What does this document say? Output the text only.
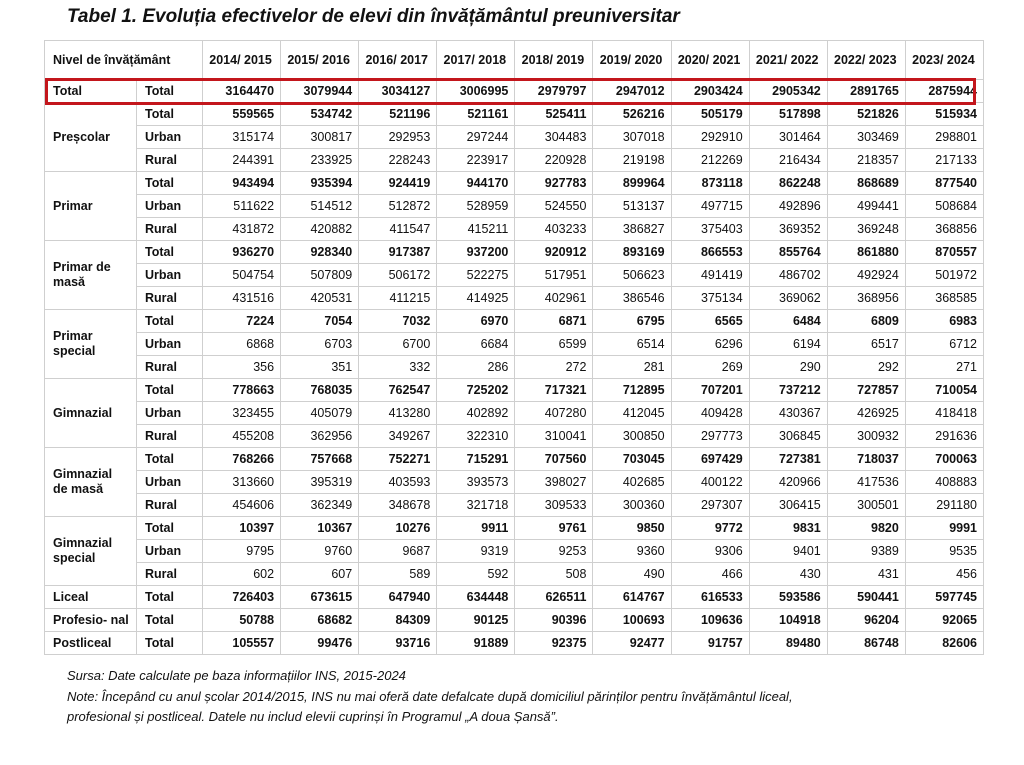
Tabel 1. Evoluția efectivelor de elevi din învățământul preuniversitar
Nivel de învățământ		2014/ 2015	2015/ 2016	2016/ 2017	2017/ 2018	2018/ 2019	2019/ 2020	2020/ 2021	2021/ 2022	2022/ 2023	2023/ 2024
Total	Total	3164470	3079944	3034127	3006995	2979797	2947012	2903424	2905342	2891765	2875944
Preșcolar	Total	559565	534742	521196	521161	525411	526216	505179	517898	521826	515934
	Urban	315174	300817	292953	297244	304483	307018	292910	301464	303469	298801
	Rural	244391	233925	228243	223917	220928	219198	212269	216434	218357	217133
Primar	Total	943494	935394	924419	944170	927783	899964	873118	862248	868689	877540
	Urban	511622	514512	512872	528959	524550	513137	497715	492896	499441	508684
	Rural	431872	420882	411547	415211	403233	386827	375403	369352	369248	368856
Primar de masă	Total	936270	928340	917387	937200	920912	893169	866553	855764	861880	870557
	Urban	504754	507809	506172	522275	517951	506623	491419	486702	492924	501972
	Rural	431516	420531	411215	414925	402961	386546	375134	369062	368956	368585
Primar special	Total	7224	7054	7032	6970	6871	6795	6565	6484	6809	6983
	Urban	6868	6703	6700	6684	6599	6514	6296	6194	6517	6712
	Rural	356	351	332	286	272	281	269	290	292	271
Gimnazial	Total	778663	768035	762547	725202	717321	712895	707201	737212	727857	710054
	Urban	323455	405079	413280	402892	407280	412045	409428	430367	426925	418418
	Rural	455208	362956	349267	322310	310041	300850	297773	306845	300932	291636
Gimnazial de masă	Total	768266	757668	752271	715291	707560	703045	697429	727381	718037	700063
	Urban	313660	395319	403593	393573	398027	402685	400122	420966	417536	408883
	Rural	454606	362349	348678	321718	309533	300360	297307	306415	300501	291180
Gimnazial special	Total	10397	10367	10276	9911	9761	9850	9772	9831	9820	9991
	Urban	9795	9760	9687	9319	9253	9360	9306	9401	9389	9535
	Rural	602	607	589	592	508	490	466	430	431	456
Liceal	Total	726403	673615	647940	634448	626511	614767	616533	593586	590441	597745
Profesio- nal	Total	50788	68682	84309	90125	90396	100693	109636	104918	96204	92065
Postliceal	Total	105557	99476	93716	91889	92375	92477	91757	89480	86748	82606

Sursa: Date calculate pe baza informațiilor INS, 2015-2024

Note: Începând cu anul școlar 2014/2015, INS nu mai oferă date defalcate după domiciliul părinților pentru învățământul liceal,

profesional și postliceal. Datele nu includ elevii cuprinși în Programul „A doua Șansă”.
